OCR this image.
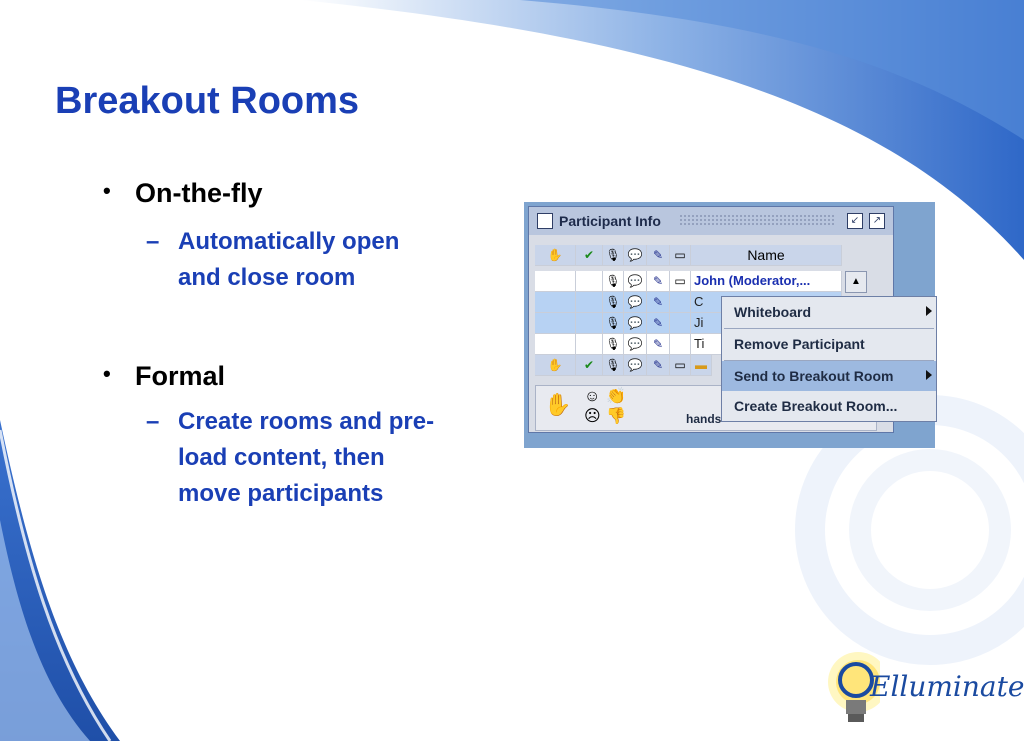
Breakout Rooms
• On-the-fly
– Automatically open
and close room
• Formal
– Create rooms and pre-
load content, then
move participants
Participant Info	↙	↗
✋	✔ 🎙 💬 ✎ ▭	Name
🎙 💬 ✎ ▭ John (Moderator,...
🎙 💬 ✎	C
🎙 💬 ✎	Ji
🎙 💬 ✎	Ti
✋	✔ 🎙 💬 ✎ ▭ ▬
▲
✋ ☺ 👏
☹ 👎	hands
Whiteboard
Remove Participant
Send to Breakout Room
Create Breakout Room...
Elluminate
